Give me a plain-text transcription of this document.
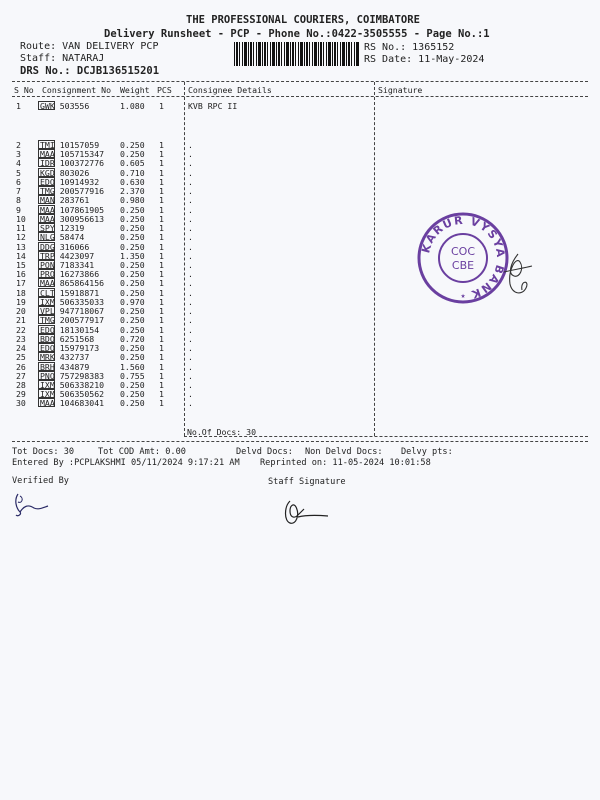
THE PROFESSIONAL COURIERS, COIMBATORE
Delivery Runsheet - PCP - Phone No.:0422-3505555 - Page No.:1
Route: VAN DELIVERY PCP
Staff: NATARAJ
DRS No.: DCJB136515201
RS No.: 1365152
RS Date: 11-May-2024
S No Consignment No Weight PCS Consignee Details	Signature
1 GWK 503556	1.080 1	KVB RPC II
2 TMI 10157059	0.250 1	.
3 MAA 105715347 0.250 1	.
4 IDR 100372776 0.605 1	.
5 KGD 803026	0.710 1	.
6 EDQ 10914932	0.630 1	.
7 TMG 200577916 2.370 1	.
8 MAN 283761	0.980 1	.
9 MAA 107861905 0.250 1	.
10 MAA 300956613 0.250 1	.
11 SPY 12319	0.250 1	.
12 NLG 58474	0.250 1	.
13 DDG 316066	0.250 1	.
14 TRP 4423097	1.350 1	.
15 PON 7183341	0.250 1	.
16 PRO 16273866	0.250 1	.
17 MAA 865864156 0.250 1	.
18 CLT 15918871	0.250 1	.
19 IXM 506335033 0.970 1	.
20 VPL 947718067 0.250 1	.
21 TMG 200577917 0.250 1	.
22 EDQ 18130154	0.250 1	.
23 BDQ 6251568	0.720 1	.
24 EDQ 15979173	0.250 1	.
25 MRK 432737	0.250 1	.
26 BRH 434879	1.560 1	.
27 PNQ 757298383 0.755 1	.
28 IXM 506338210 0.250 1	.
29 IXM 506350562 0.250 1	.
30 MAA 104683041 0.250 1	.
No.Of Docs: 30
Tot Docs: 30	Tot COD Amt: 0.00	Delvd Docs: Non Delvd Docs: Delvy pts:
Entered By :PCPLAKSHMI 05/11/2024 9:17:21 AM Reprinted on: 11-05-2024 10:01:58
Verified By	Staff Signature
KARUR VYSYA BANK
COC
CBE
★
